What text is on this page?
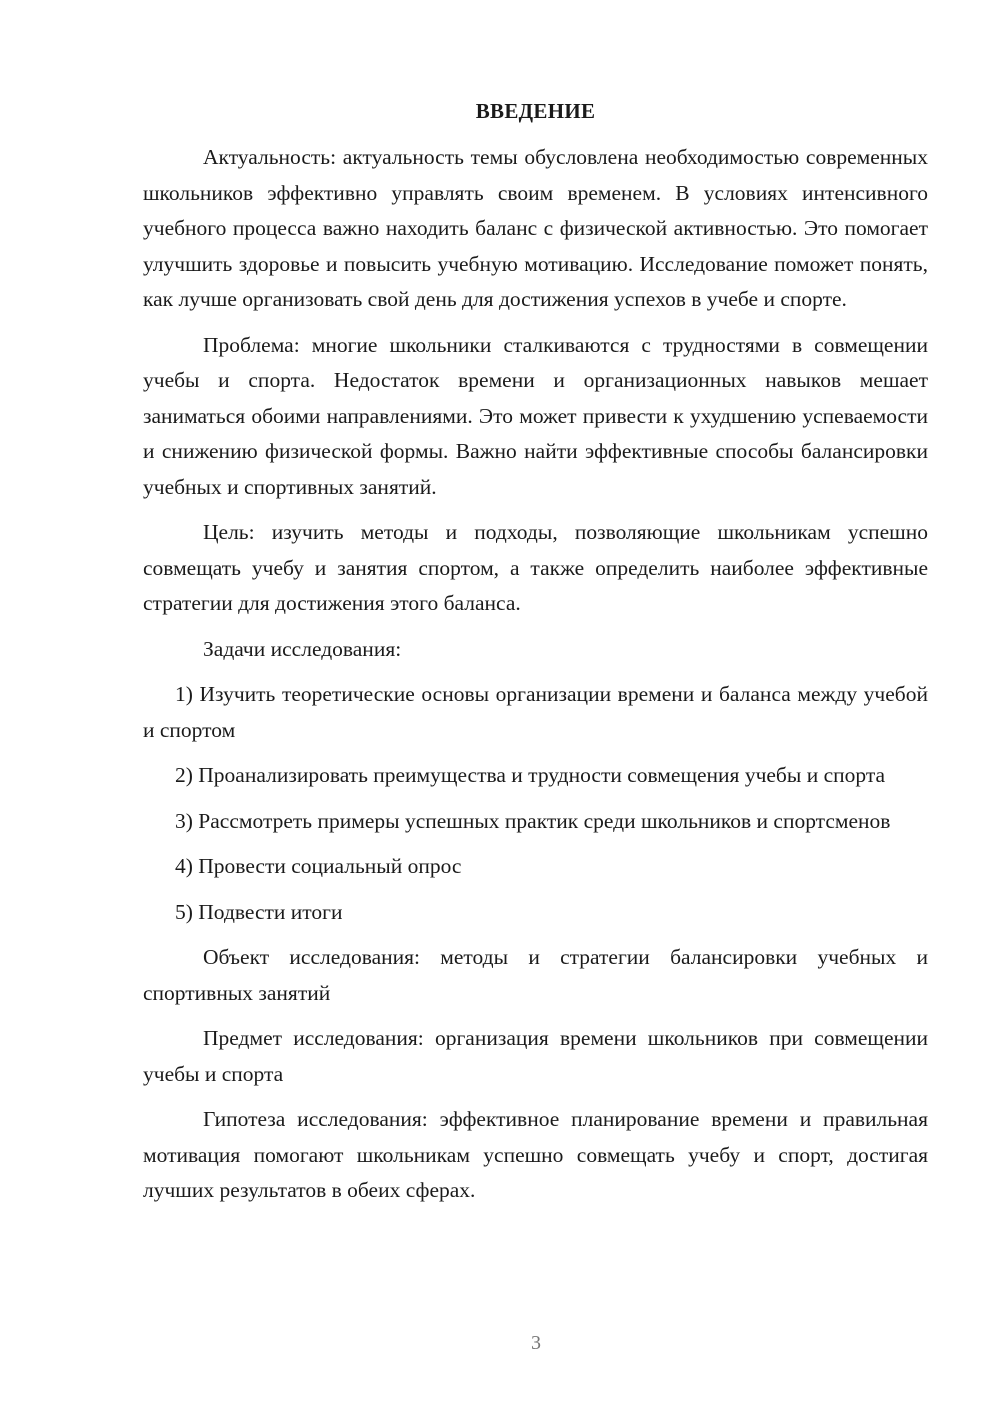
ВВЕДЕНИЕ

Актуальность: актуальность темы обусловлена необходимостью современных школьников эффективно управлять своим временем. В условиях интенсивного учебного процесса важно находить баланс с физической активностью. Это помогает улучшить здоровье и повысить учебную мотивацию. Исследование поможет понять, как лучше организовать свой день для достижения успехов в учебе и спорте.

Проблема: многие школьники сталкиваются с трудностями в совмещении учебы и спорта. Недостаток времени и организационных навыков мешает заниматься обоими направлениями. Это может привести к ухудшению успеваемости и снижению физической формы. Важно найти эффективные способы балансировки учебных и спортивных занятий.

Цель: изучить методы и подходы, позволяющие школьникам успешно совмещать учебу и занятия спортом, а также определить наиболее эффективные стратегии для достижения этого баланса.

Задачи исследования:

1) Изучить теоретические основы организации времени и баланса между учебой и спортом

2) Проанализировать преимущества и трудности совмещения учебы и спорта

3) Рассмотреть примеры успешных практик среди школьников и спортсменов

4) Провести социальный опрос

5) Подвести итоги

Объект исследования: методы и стратегии балансировки учебных и спортивных занятий

Предмет исследования: организация времени школьников при совмещении учебы и спорта

Гипотеза исследования: эффективное планирование времени и правильная мотивация помогают школьникам успешно совмещать учебу и спорт, достигая лучших результатов в обеих сферах.

3
